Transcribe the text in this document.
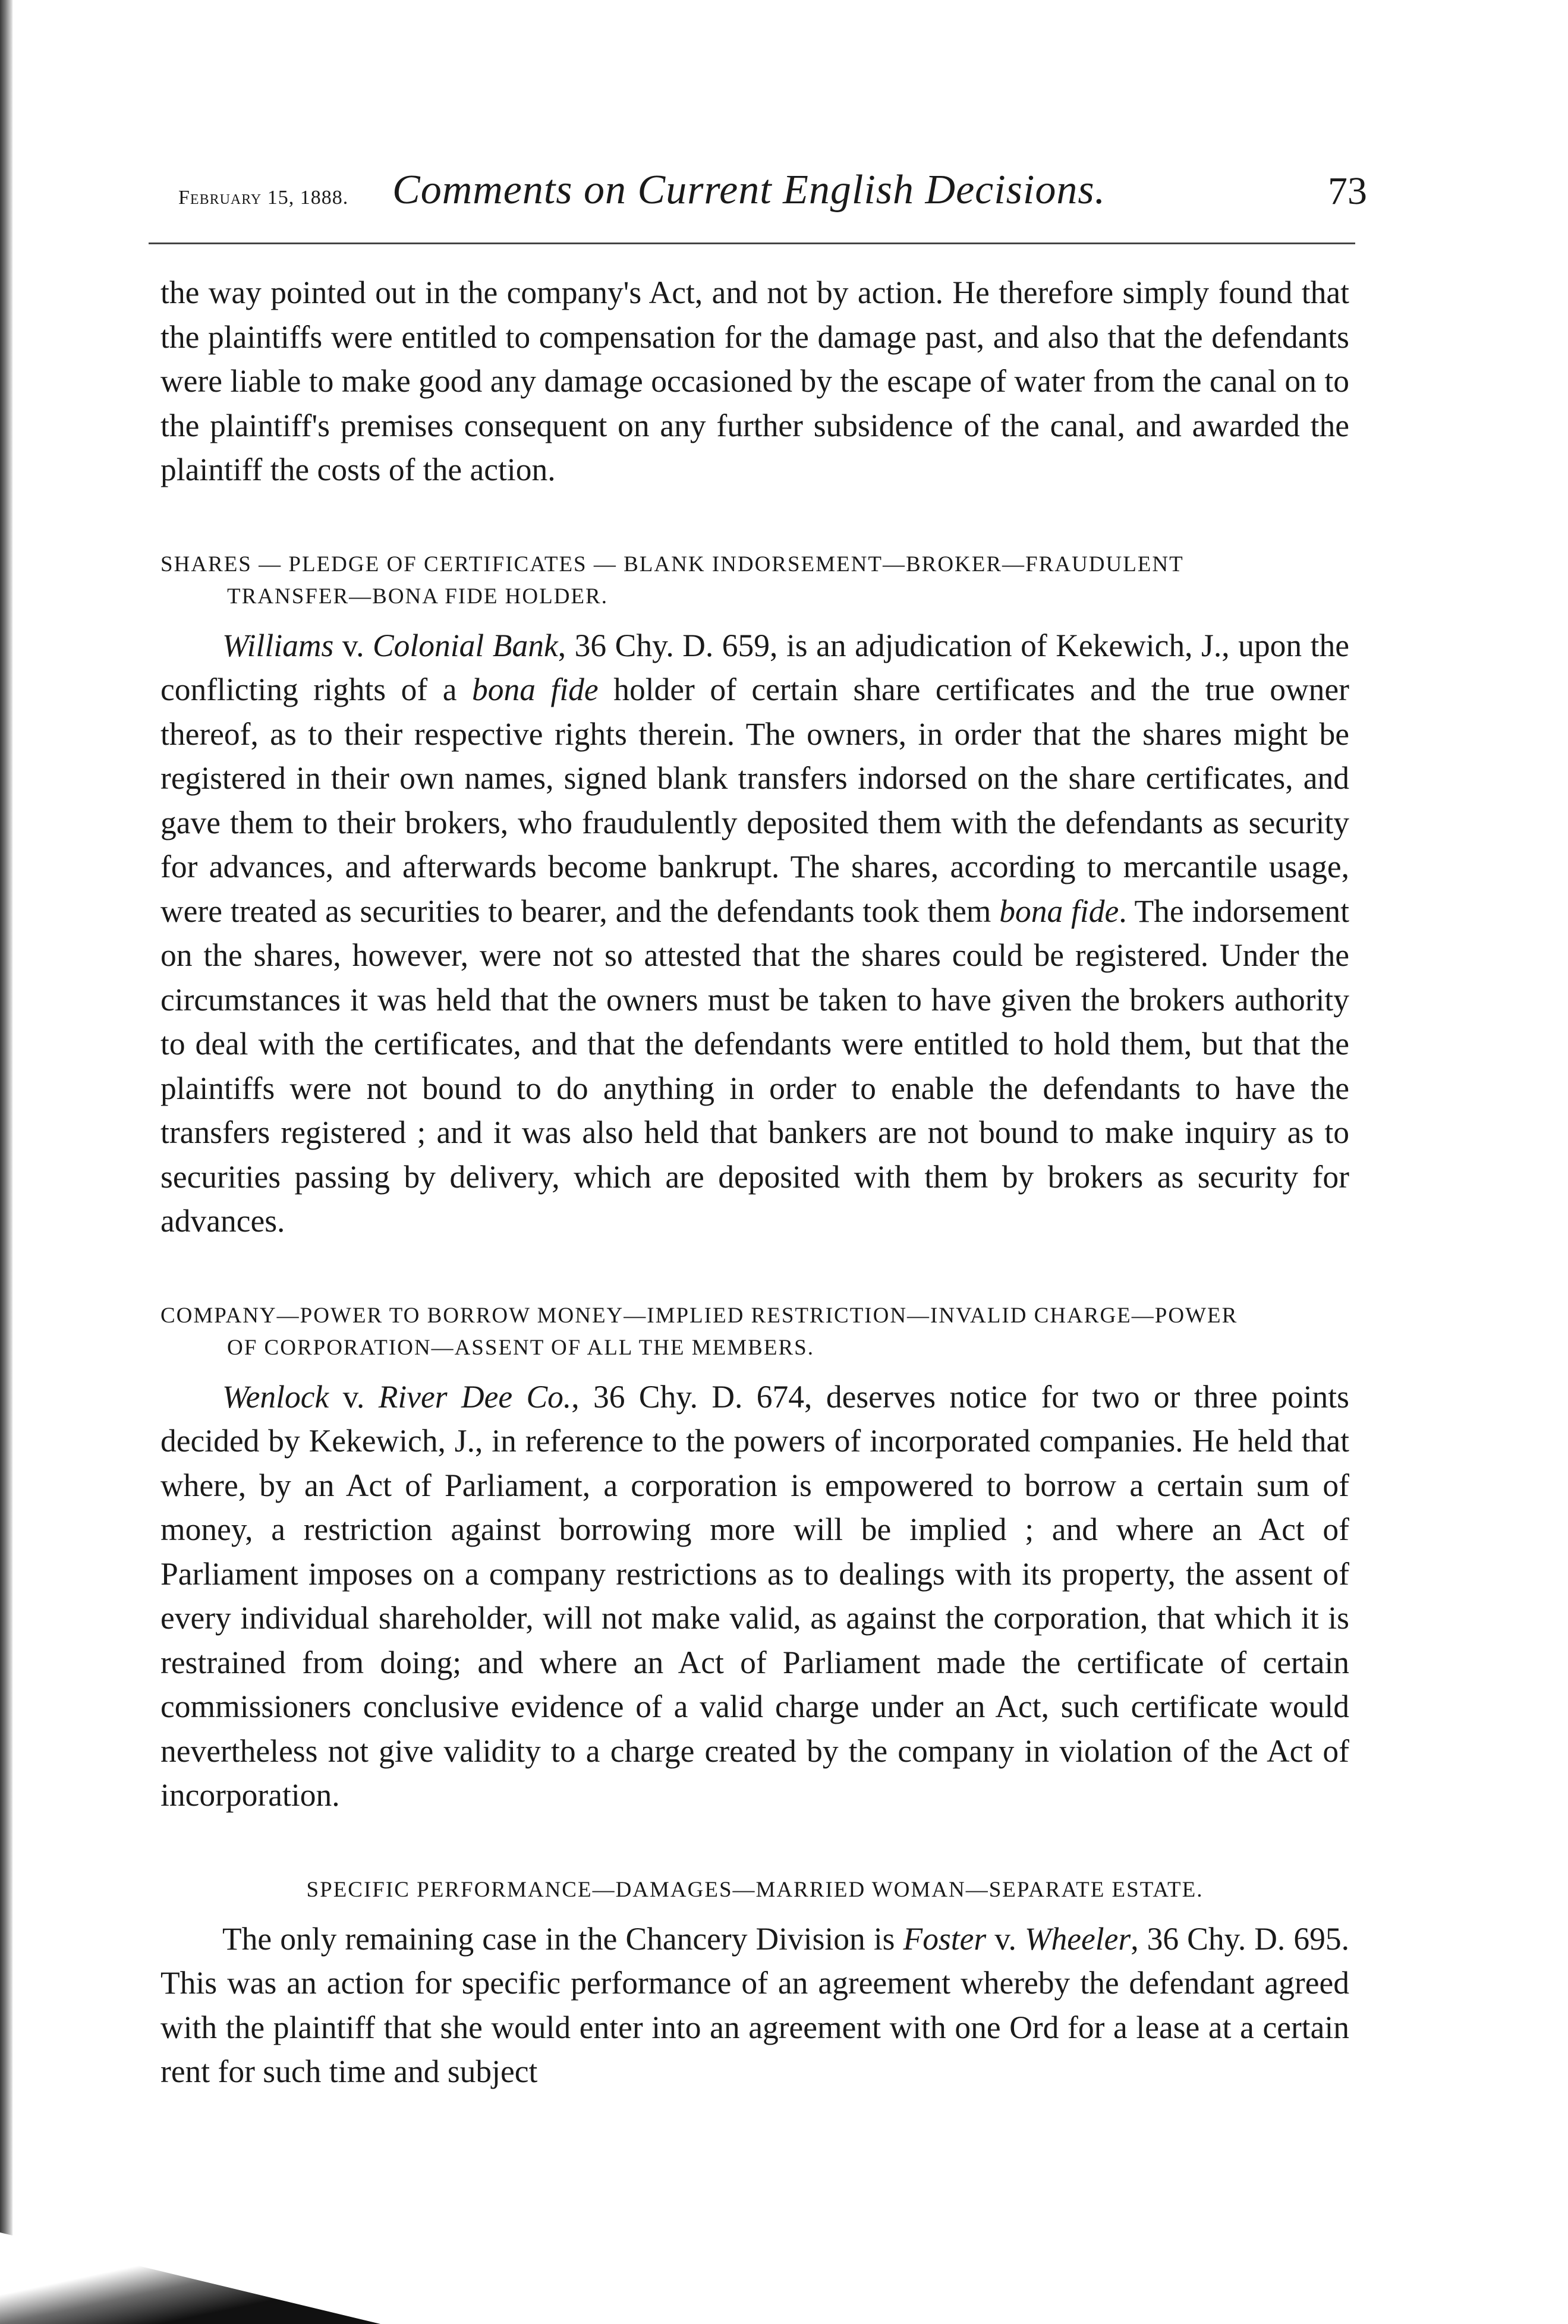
February 15, 1888. Comments on Current English Decisions.	73

the way pointed out in the company's Act, and not by action. He therefore simply found that the plaintiffs were entitled to compensation for the damage past, and also that the defendants were liable to make good any damage occasioned by the escape of water from the canal on to the plaintiff's premises consequent on any further subsidence of the canal, and awarded the plaintiff the costs of the action.

SHARES — PLEDGE OF CERTIFICATES — BLANK INDORSEMENT—BROKER—FRAUDULENT
TRANSFER—BONA FIDE HOLDER.

Williams v. Colonial Bank, 36 Chy. D. 659, is an adjudication of Kekewich, J., upon the conflicting rights of a bona fide holder of certain share certificates and the true owner thereof, as to their respective rights therein. The owners, in order that the shares might be registered in their own names, signed blank transfers indorsed on the share certificates, and gave them to their brokers, who fraudulently deposited them with the defendants as security for advances, and afterwards become bankrupt. The shares, according to mercantile usage, were treated as securities to bearer, and the defendants took them bona fide. The indorsement on the shares, however, were not so attested that the shares could be registered. Under the circumstances it was held that the owners must be taken to have given the brokers authority to deal with the certificates, and that the defendants were entitled to hold them, but that the plaintiffs were not bound to do anything in order to enable the defendants to have the transfers registered ; and it was also held that bankers are not bound to make inquiry as to securities passing by delivery, which are deposited with them by brokers as security for advances.

COMPANY—POWER TO BORROW MONEY—IMPLIED RESTRICTION—INVALID CHARGE—POWER
OF CORPORATION—ASSENT OF ALL THE MEMBERS.

Wenlock v. River Dee Co., 36 Chy. D. 674, deserves notice for two or three points decided by Kekewich, J., in reference to the powers of incorporated companies. He held that where, by an Act of Parliament, a corporation is empowered to borrow a certain sum of money, a restriction against borrowing more will be implied ; and where an Act of Parliament imposes on a company restrictions as to dealings with its property, the assent of every individual shareholder, will not make valid, as against the corporation, that which it is restrained from doing; and where an Act of Parliament made the certificate of certain commissioners conclusive evidence of a valid charge under an Act, such certificate would nevertheless not give validity to a charge created by the company in violation of the Act of incorporation.

SPECIFIC PERFORMANCE—DAMAGES—MARRIED WOMAN—SEPARATE ESTATE.

The only remaining case in the Chancery Division is Foster v. Wheeler, 36 Chy. D. 695. This was an action for specific performance of an agreement whereby the defendant agreed with the plaintiff that she would enter into an agreement with one Ord for a lease at a certain rent for such time and subject
